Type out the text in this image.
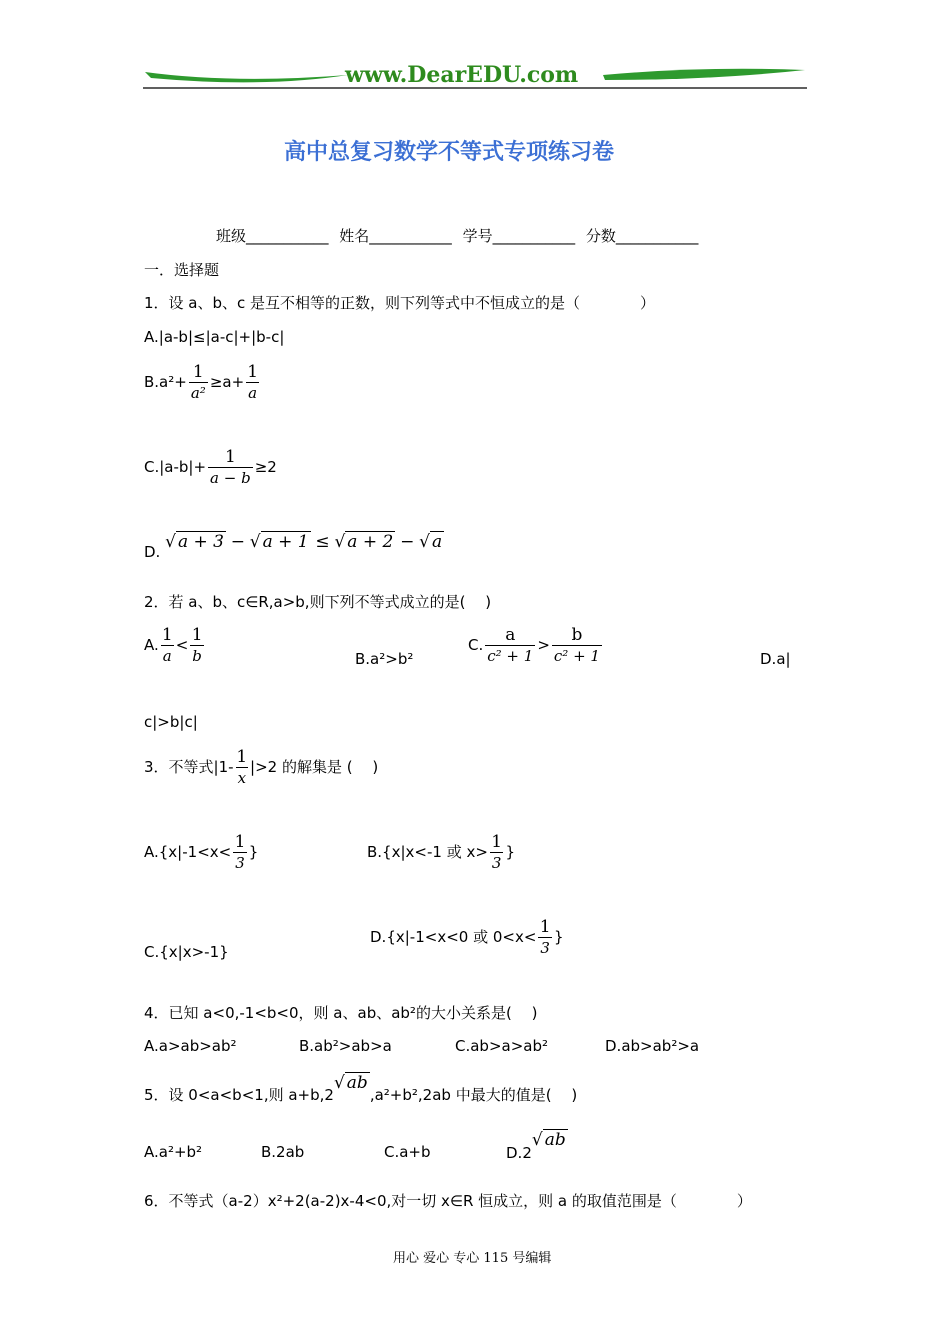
www.DearEDU.com
高中总复习数学不等式专项练习卷
班级___________ 姓名___________ 学号___________ 分数___________
一．选择题
1．设 a、b、c 是互不相等的正数，则下列等式中不恒成立的是（　　　　）
A.|a-b|≤|a-c|+|b-c|
$B.a^2+ \frac{1}{\text{a²}} \ge a+ \frac{1}{a}$
$C.|a-b|+ \frac{1}{a - b} \ge 2$
D. √ a + 3 − √ a + 1 ≤ √ a + 2 − √ a
2．若 a、b、c∈R,a>b,则下列不等式成立的是(　 )
A. $\frac{1}{a} < \frac{1}{b}$	B.a²>b²
C. $\frac{a}{\text{c² + 1}} > \frac{b}{\text{c² + 1}}$	D.a|
c|>b|c|
3．不等式$|1- \frac{1}{x} |>2$ 的解集是 (　 )
$A.\{x|-1<x< \frac{1}{3}$ }	B.{x|x<-1 或 $x> \frac{1}{3}$ }
C.{x|x>-1}
D.{x|-1<x<0 或 $0<x< \frac{1}{3}$ }
4．已知 a<0,-1<b<0，则 a、ab、ab²的大小关系是(　 )
A.a>ab>ab²	B.ab²>ab>a	C.ab>a>ab²	D.ab>ab²>a
5．设 0<a<b<1,则 a+b,2√ ab,a²+b²,2ab 中最大的值是(　 )
A.a²+b²	B.2ab	C.a+b	D.2√ ab
6．不等式（a-2）x²+2(a-2)x-4<0,对一切 x∈R 恒成立，则 a 的取值范围是（　　　　）
用心 爱心 专心 115 号编辑
